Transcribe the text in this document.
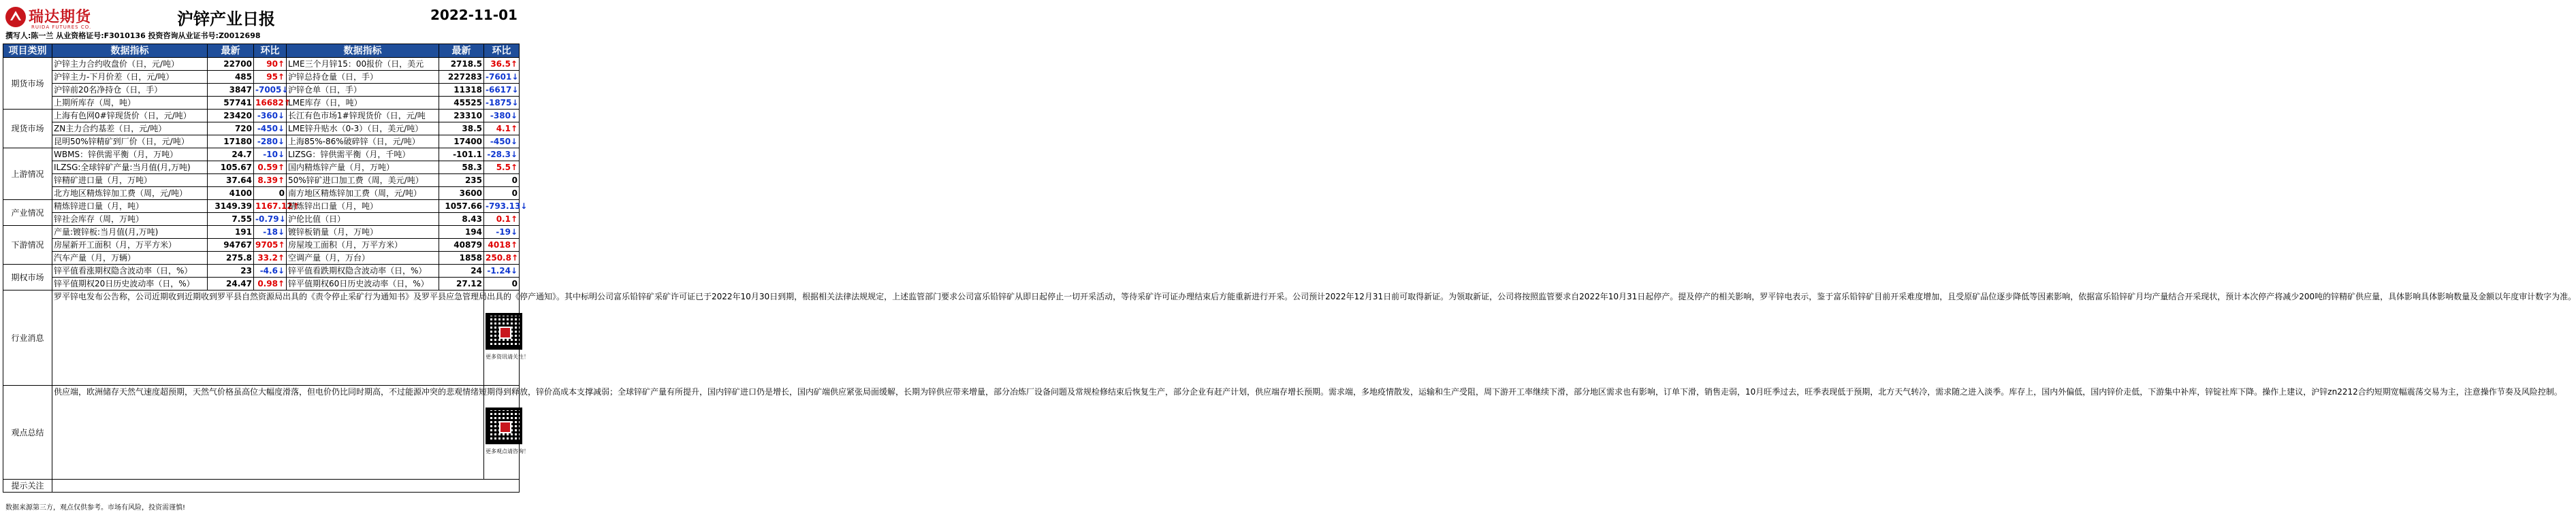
瑞达期货
RUIDA FUTURES CO.	沪锌产业日报	2022-11-01
撰写人:陈一兰 从业资格证号:F3010136 投资咨询从业证书号:Z0012698
项目类别	数据指标	最新	环比	数据指标	最新	环比
期货市场	沪锌主力合约收盘价（日，元/吨）	22700	90↑	LME三个月锌15：00报价（日，美元	2718.5	36.5↑
	沪锌主力-下月价差（日，元/吨）	485	95↑	沪锌总持仓量（日，手）	227283	-7601↓
	沪锌前20名净持仓（日，手）	3847	-7005↓	沪锌仓单（日，手）	11318	-6617↓
	上期所库存（周，吨）	57741	16682↑	LME库存（日，吨）	45525	-1875↓
现货市场	上海有色网0#锌现货价（日，元/吨）	23420	-360↓	长江有色市场1#锌现货价（日，元/吨	23310	-380↓
	ZN主力合约基差（日，元/吨）	720	-450↓	LME锌升贴水（0-3）（日，美元/吨）	38.5	4.1↑
	昆明50%锌精矿到厂价（日，元/吨）	17180	-280↓	上海85%-86%破碎锌（日，元/吨）	17400	-450↓
上游情况	WBMS：锌供需平衡（月，万吨）	24.7	-10↓	LIZSG：锌供需平衡（月，千吨）	-101.1	-28.3↓
	ILZSG:全球锌矿产量:当月值(月,万吨)	105.67	0.59↑	国内精炼锌产量（月，万吨）	58.3	5.5↑
	锌精矿进口量（月，万吨）	37.64	8.39↑	50%锌矿进口加工费（周，美元/吨）	235	0
	北方地区精炼锌加工费（周，元/吨）	4100	0	南方地区精炼锌加工费（周，元/吨）	3600	0
产业情况	精炼锌进口量（月，吨）	3149.39	1167.12↑	精炼锌出口量（月，吨）	1057.66	-793.13↓
	锌社会库存（周，万吨）	7.55	-0.79↓	沪伦比值（日）	8.43	0.1↑
下游情况	产量:镀锌板:当月值(月,万吨)	191	-18↓	镀锌板销量（月，万吨）	194	-19↓
	房屋新开工面积（月，万平方米）	94767	9705↑	房屋竣工面积（月，万平方米）	40879	4018↑
	汽车产量（月，万辆）	275.8	33.2↑	空调产量（月，万台）	1858	250.8↑
期权市场	锌平值看涨期权隐含波动率（日，%）	23	-4.6↓	锌平值看跌期权隐含波动率（日，%）	24	-1.24↓
	锌平值期权20日历史波动率（日，%）	24.47	0.98↑	锌平值期权60日历史波动率（日，%）	27.12	0
行业消息	罗平锌电发布公告称，公司近期收到近期收到罗平县自然资源局出具的《责令停止采矿行为通知书》及罗平县应急管理局出具的《停产通知》。其中标明公司富乐铅锌矿采矿许可证已于2022年10月30日到期，根据相关法律法规规定，上述监管部门要求公司富乐铅锌矿从即日起停止一切开采活动，等待采矿许可证办理结束后方能重新进行开采。公司预计2022年12月31日前可取得新证。为领取新证，公司将按照监管要求自2022年10月31日起停产。提及停产的相关影响，罗平锌电表示，鉴于富乐铅锌矿目前开采难度增加，且受原矿品位逐步降低等因素影响，依据富乐铅锌矿月均产量结合开采现状，预计本次停产将减少200吨的锌精矿供应量，具体影响具体影响数量及金额以年度审计数字为准。					更多资讯请关注！

观点总结	供应端，欧洲储存天然气速度超预期，天然气价格虽高位大幅度滑落，但电价仍比同时期高，不过能源冲突的悲观情绪短期得到释放，锌价高成本支撑减弱；全球锌矿产量有所提升，国内锌矿进口仍是增长，国内矿端供应紧张局面缓解，长期为锌供应带来增量，部分冶炼厂设备问题及常规检修结束后恢复生产，部分企业有赶产计划，供应端存增长预期。需求端，多地疫情散发，运输和生产受阻，周下游开工率继续下滑，部分地区需求也有影响，订单下滑，销售走弱，10月旺季过去，旺季表现低于预期，北方天气转冷，需求随之进入淡季。库存上，国内外偏低，国内锌价走低，下游集中补库，锌锭社库下降。操作上建议，沪锌zn2212合约短期宽幅震荡交易为主，注意操作节奏及风险控制。					更多观点请咨询！

提示关注						
数据来源第三方，观点仅供参考。市场有风险，投资需谨慎!
